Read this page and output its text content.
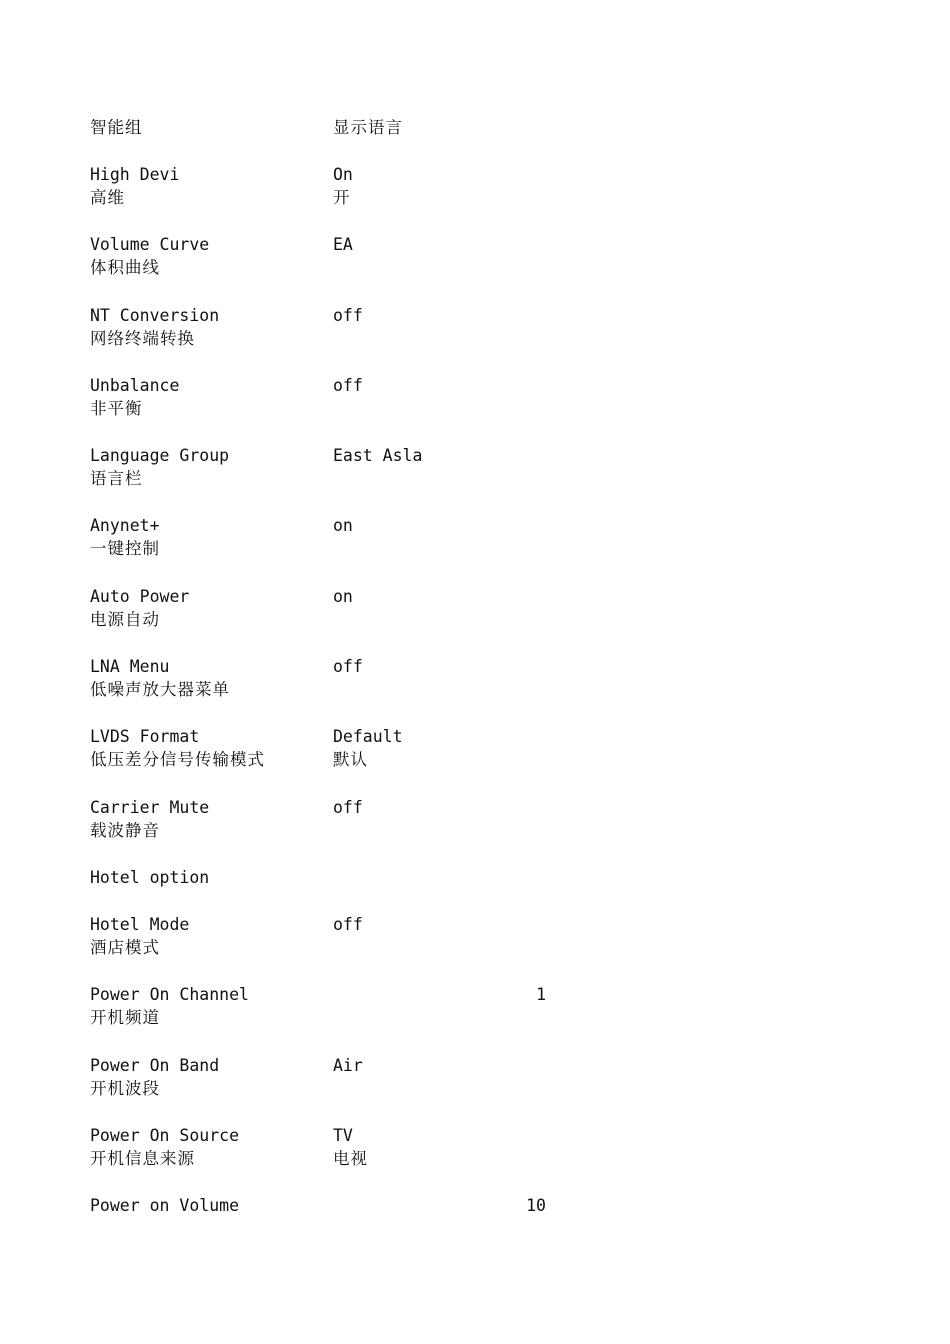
智能组	显示语言
High Devi
高维
On
开
Volume Curve
体积曲线
EA
NT Conversion
网络终端转换
off
Unbalance
非平衡
off
Language Group
语言栏
East Asla
Anynet+
一键控制
on
Auto Power
电源自动
on
LNA Menu
低噪声放大器菜单
off
LVDS Format
低压差分信号传输模式
Default
默认
Carrier Mute
载波静音
off
Hotel option
Hotel Mode
酒店模式
off
Power On Channel
开机频道
1
Power On Band
开机波段
Air
Power On Source
开机信息来源
TV
电视
Power on Volume	10
